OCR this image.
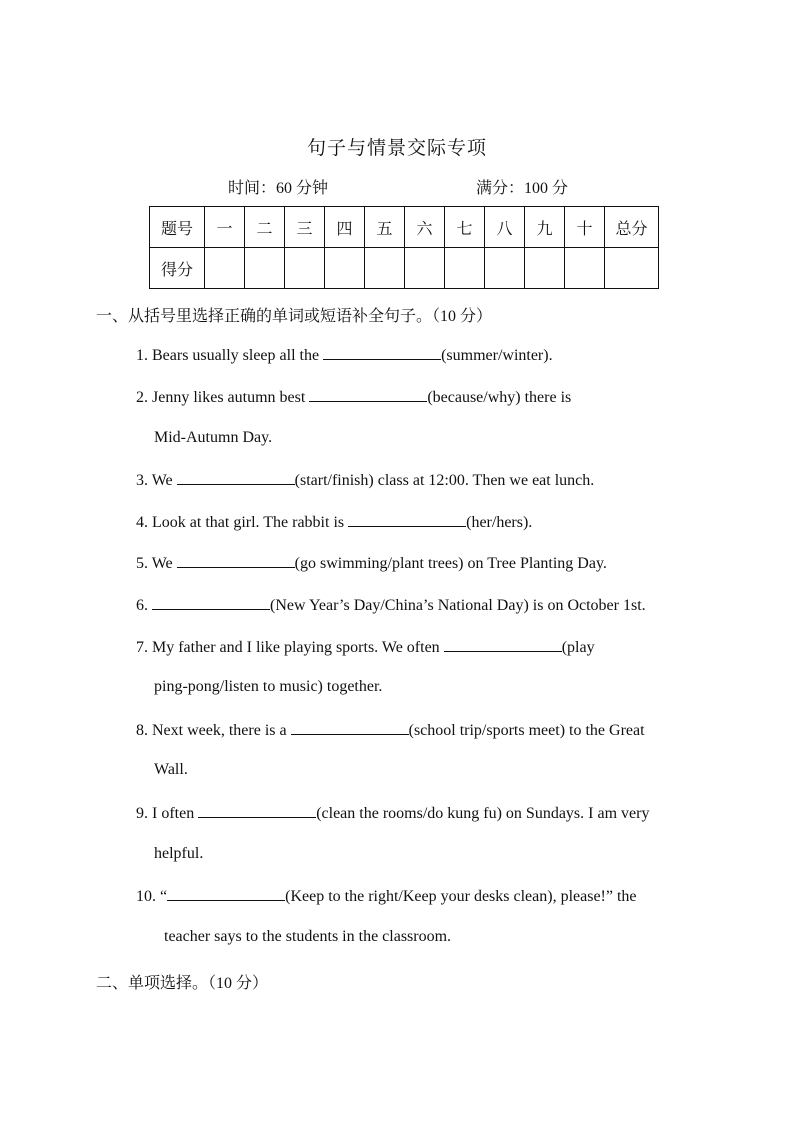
句子与情景交际专项
时间：60 分钟	满分：100 分
题号	一	二	三	四	五	六	七	八	九	十	总分
得分											
一、从括号里选择正确的单词或短语补全句子。（10 分）
1. Bears usually sleep all the	(summer/winter).
2. Jenny likes autumn best	(because/why) there is
Mid-Autumn Day.
3. We	(start/finish) class at 12:00. Then we eat lunch.
4. Look at that girl. The rabbit is	(her/hers).
5. We	(go swimming/plant trees) on Tree Planting Day.
6.	(New Year’s Day/China’s National Day) is on October 1st.
7. My father and I like playing sports. We often	(play
ping-pong/listen to music) together.
8. Next week, there is a	(school trip/sports meet) to the Great
Wall.
9. I often	(clean the rooms/do kung fu) on Sundays. I am very
helpful.
10. “	(Keep to the right/Keep your desks clean), please!” the
teacher says to the students in the classroom.
二、单项选择。（10 分）
